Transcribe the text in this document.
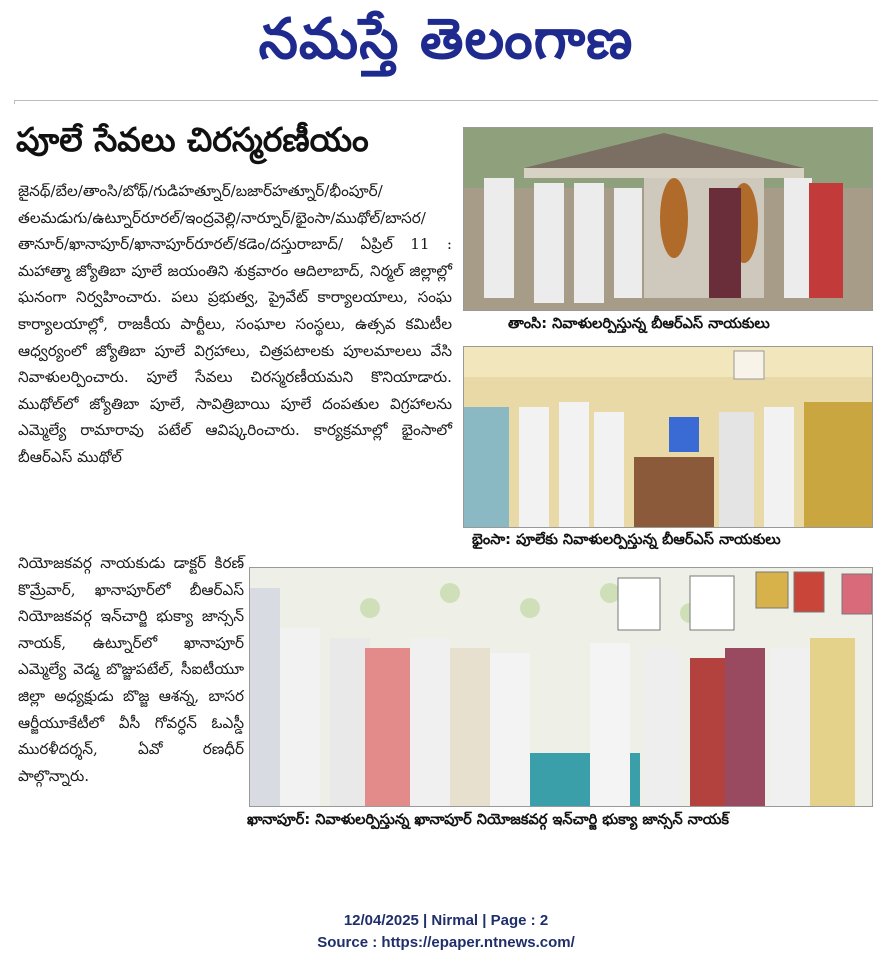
నమస్తే తెలంగాణ
పూలే సేవలు చిరస్మరణీయం
జైనథ్/బేల/తాంసి/బోథ్/గుడిహత్నూర్/బజార్‌హత్నూర్/భీంపూర్/తలమడుగు/ఉట్నూర్‌రూరల్/ఇంద్రవెల్లి/నార్నూర్/భైంసా/ముథోల్/బాసర/తానూర్/ఖానాపూర్/ఖానాపూర్‌రూరల్/కడెం/దస్తురాబాద్/ ఏప్రిల్ 11 : మహాత్మా జ్యోతిబా పూలే జయంతిని శుక్రవారం ఆదిలాబాద్, నిర్మల్ జిల్లాల్లో ఘనంగా నిర్వహించారు. పలు ప్రభుత్వ, ప్రైవేట్ కార్యాలయాలు, సంఘ కార్యాలయాల్లో, రాజకీయ పార్టీలు, సంఘాల సంస్థలు, ఉత్సవ కమిటీల ఆధ్వర్యంలో జ్యోతిబా పూలే విగ్రహాలు, చిత్రపటాలకు పూలమాలలు వేసి నివాళులర్పించారు. పూలే సేవలు చిరస్మరణీయమని కొనియాడారు. ముథోల్‌లో జ్యోతిబా పూలే, సావిత్రిబాయి పూలే దంపతుల విగ్రహాలను ఎమ్మెల్యే రామారావు పటేల్ ఆవిష్కరించారు. కార్యక్రమాల్లో భైంసాలో బీఆర్‌ఎస్ ముథోల్
నియోజకవర్గ నాయకుడు డాక్టర్ కిరణ్ కొమ్రేవార్, ఖానాపూర్‌లో బీఆర్‌ఎస్ నియోజకవర్గ ఇన్‌చార్జి భుక్యా జాన్సన్ నాయక్, ఉట్నూర్‌లో ఖానాపూర్ ఎమ్మెల్యే వెడ్మ బొజ్జుపటేల్, సీఐటీయూ జిల్లా అధ్యక్షుడు బొజ్జ ఆశన్న, బాసర ఆర్జీయూకేటీలో వీసీ గోవర్ధన్ ఓఎస్డీ మురళీదర్శన్, ఏవో రణధీర్ పాల్గొన్నారు.
తాంసి: నివాళులర్పిస్తున్న బీఆర్‌ఎస్ నాయకులు
భైంసా: పూలేకు నివాళులర్పిస్తున్న బీఆర్‌ఎస్ నాయకులు
ఖానాపూర్: నివాళులర్పిస్తున్న ఖానాపూర్ నియోజకవర్గ ఇన్‌చార్జి భుక్యా జాన్సన్ నాయక్
12/04/2025 | Nirmal | Page : 2
Source : https://epaper.ntnews.com/
